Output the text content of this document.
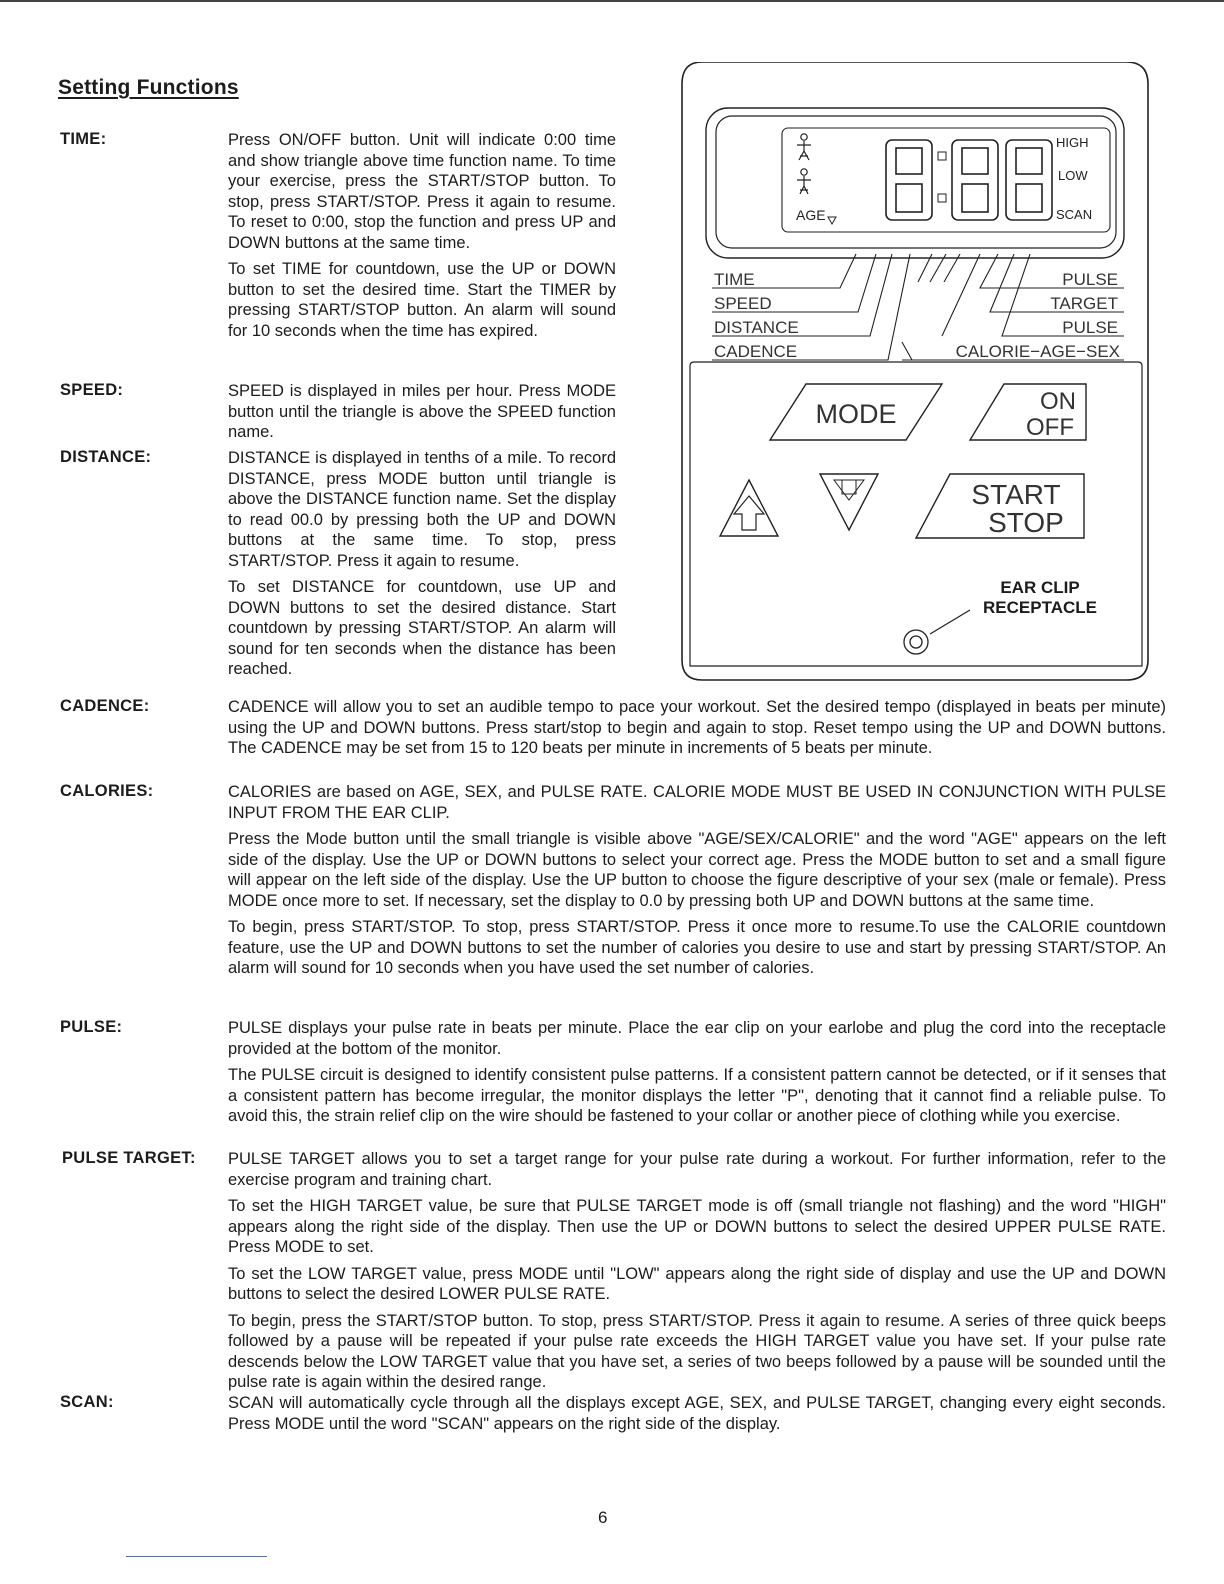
Setting Functions
AGE
HIGH
LOW
SCAN
TIME
SPEED
DISTANCE
CADENCE
PULSE
TARGET
PULSE
CALORIE−AGE−SEX
MODE	ON
OFF
START
STOP
EAR CLIP
RECEPTACLE
TIME:	Press ON/OFF button. Unit will indicate 0:00 time and show triangle above time function name. To time your exercise, press the START/STOP button. To stop, press START/STOP. Press it again to resume. To reset to 0:00, stop the function and press UP and DOWN buttons at the same time.

To set TIME for countdown, use the UP or DOWN button to set the desired time. Start the TIMER by pressing START/STOP button. An alarm will sound for 10 seconds when the time has expired.

SPEED:	SPEED is displayed in miles per hour. Press MODE button until the triangle is above the SPEED function name.

DISTANCE:	DISTANCE is displayed in tenths of a mile. To record DISTANCE, press MODE button until triangle is above the DISTANCE function name. Set the display to read 00.0 by pressing both the UP and DOWN buttons at the same time. To stop, press START/STOP. Press it again to resume.

To set DISTANCE for countdown, use UP and DOWN buttons to set the desired distance. Start countdown by pressing START/STOP. An alarm will sound for ten seconds when the distance has been reached.

CADENCE:	CADENCE will allow you to set an audible tempo to pace your workout. Set the desired tempo (displayed in beats per minute) using the UP and DOWN buttons. Press start/stop to begin and again to stop. Reset tempo using the UP and DOWN buttons. The CADENCE may be set from 15 to 120 beats per minute in increments of 5 beats per minute.

CALORIES:	CALORIES are based on AGE, SEX, and PULSE RATE. CALORIE MODE MUST BE USED IN CONJUNCTION WITH PULSE INPUT FROM THE EAR CLIP.

Press the Mode button until the small triangle is visible above "AGE/SEX/CALORIE" and the word "AGE" appears on the left side of the display. Use the UP or DOWN buttons to select your correct age. Press the MODE button to set and a small figure will appear on the left side of the display. Use the UP button to choose the figure descriptive of your sex (male or female). Press MODE once more to set. If necessary, set the display to 0.0 by pressing both UP and DOWN buttons at the same time.

To begin, press START/STOP. To stop, press START/STOP. Press it once more to resume.To use the CALORIE countdown feature, use the UP and DOWN buttons to set the number of calories you desire to use and start by pressing START/STOP. An alarm will sound for 10 seconds when you have used the set number of calories.

PULSE:	PULSE displays your pulse rate in beats per minute. Place the ear clip on your earlobe and plug the cord into the receptacle provided at the bottom of the monitor.

The PULSE circuit is designed to identify consistent pulse patterns. If a consistent pattern cannot be detected, or if it senses that a consistent pattern has become irregular, the monitor displays the letter "P", denoting that it cannot find a reliable pulse. To avoid this, the strain relief clip on the wire should be fastened to your collar or another piece of clothing while you exercise.

PULSE TARGET: PULSE TARGET allows you to set a target range for your pulse rate during a workout. For further information, refer to the exercise program and training chart.

To set the HIGH TARGET value, be sure that PULSE TARGET mode is off (small triangle not flashing) and the word "HIGH" appears along the right side of the display. Then use the UP or DOWN buttons to select the desired UPPER PULSE RATE. Press MODE to set.

To set the LOW TARGET value, press MODE until "LOW" appears along the right side of display and use the UP and DOWN buttons to select the desired LOWER PULSE RATE.

To begin, press the START/STOP button. To stop, press START/STOP. Press it again to resume. A series of three quick beeps followed by a pause will be repeated if your pulse rate exceeds the HIGH TARGET value you have set. If your pulse rate descends below the LOW TARGET value that you have set, a series of two beeps followed by a pause will be sounded until the pulse rate is again within the desired range.

SCAN:	SCAN will automatically cycle through all the displays except AGE, SEX, and PULSE TARGET, changing every eight seconds. Press MODE until the word "SCAN" appears on the right side of the display.

6
